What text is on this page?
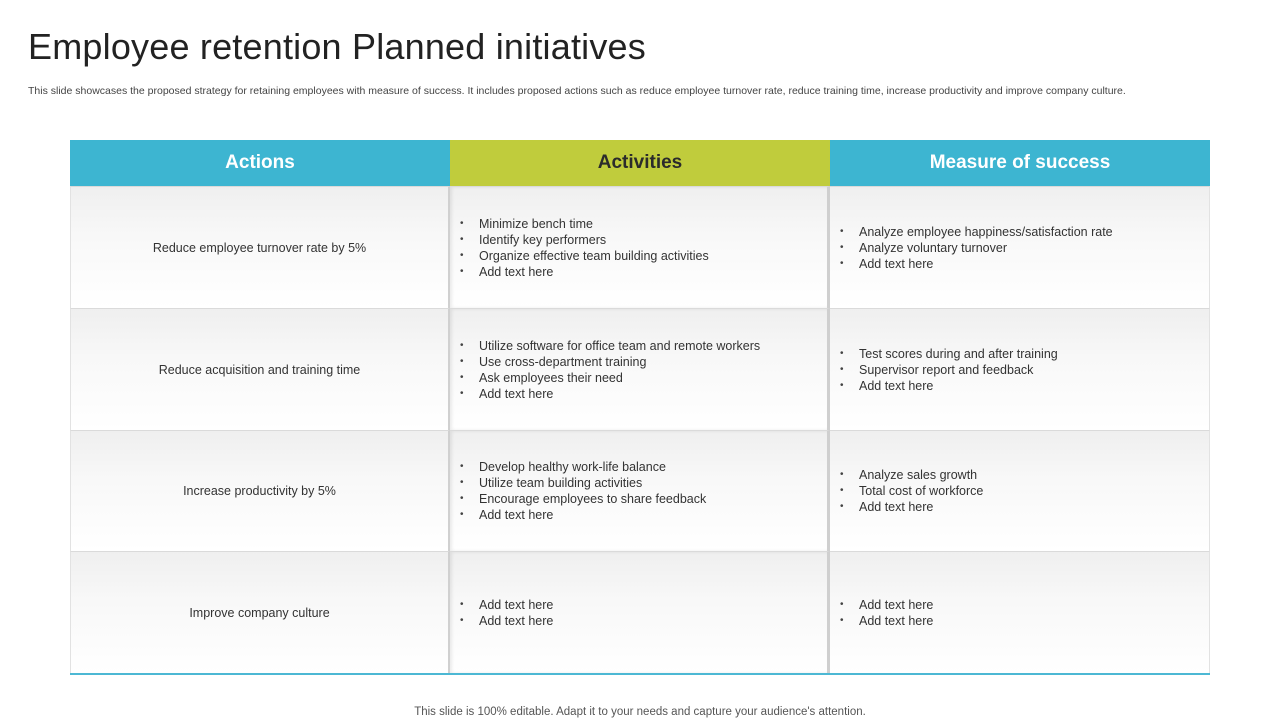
Employee retention Planned initiatives

This slide showcases the proposed strategy for retaining employees with measure of success. It includes proposed actions such as reduce employee turnover rate, reduce training time, increase productivity and improve company culture.

Actions	Activities	Measure of success
Reduce employee turnover rate by 5%
• Minimize bench time
• Identify key performers
• Organize effective team building activities
• Add text here
• Analyze employee happiness/satisfaction rate
• Analyze voluntary turnover
• Add text here
Reduce acquisition and training time
• Utilize software for office team and remote workers
• Use cross-department training
• Ask employees their need
• Add text here
• Test scores during and after training
• Supervisor report and feedback
• Add text here
Increase productivity by 5%
• Develop healthy work-life balance
• Utilize team building activities
• Encourage employees to share feedback
• Add text here
• Analyze sales growth
• Total cost of workforce
• Add text here
Improve company culture
• Add text here
• Add text here
• Add text here
• Add text here
This slide is 100% editable. Adapt it to your needs and capture your audience's attention.
